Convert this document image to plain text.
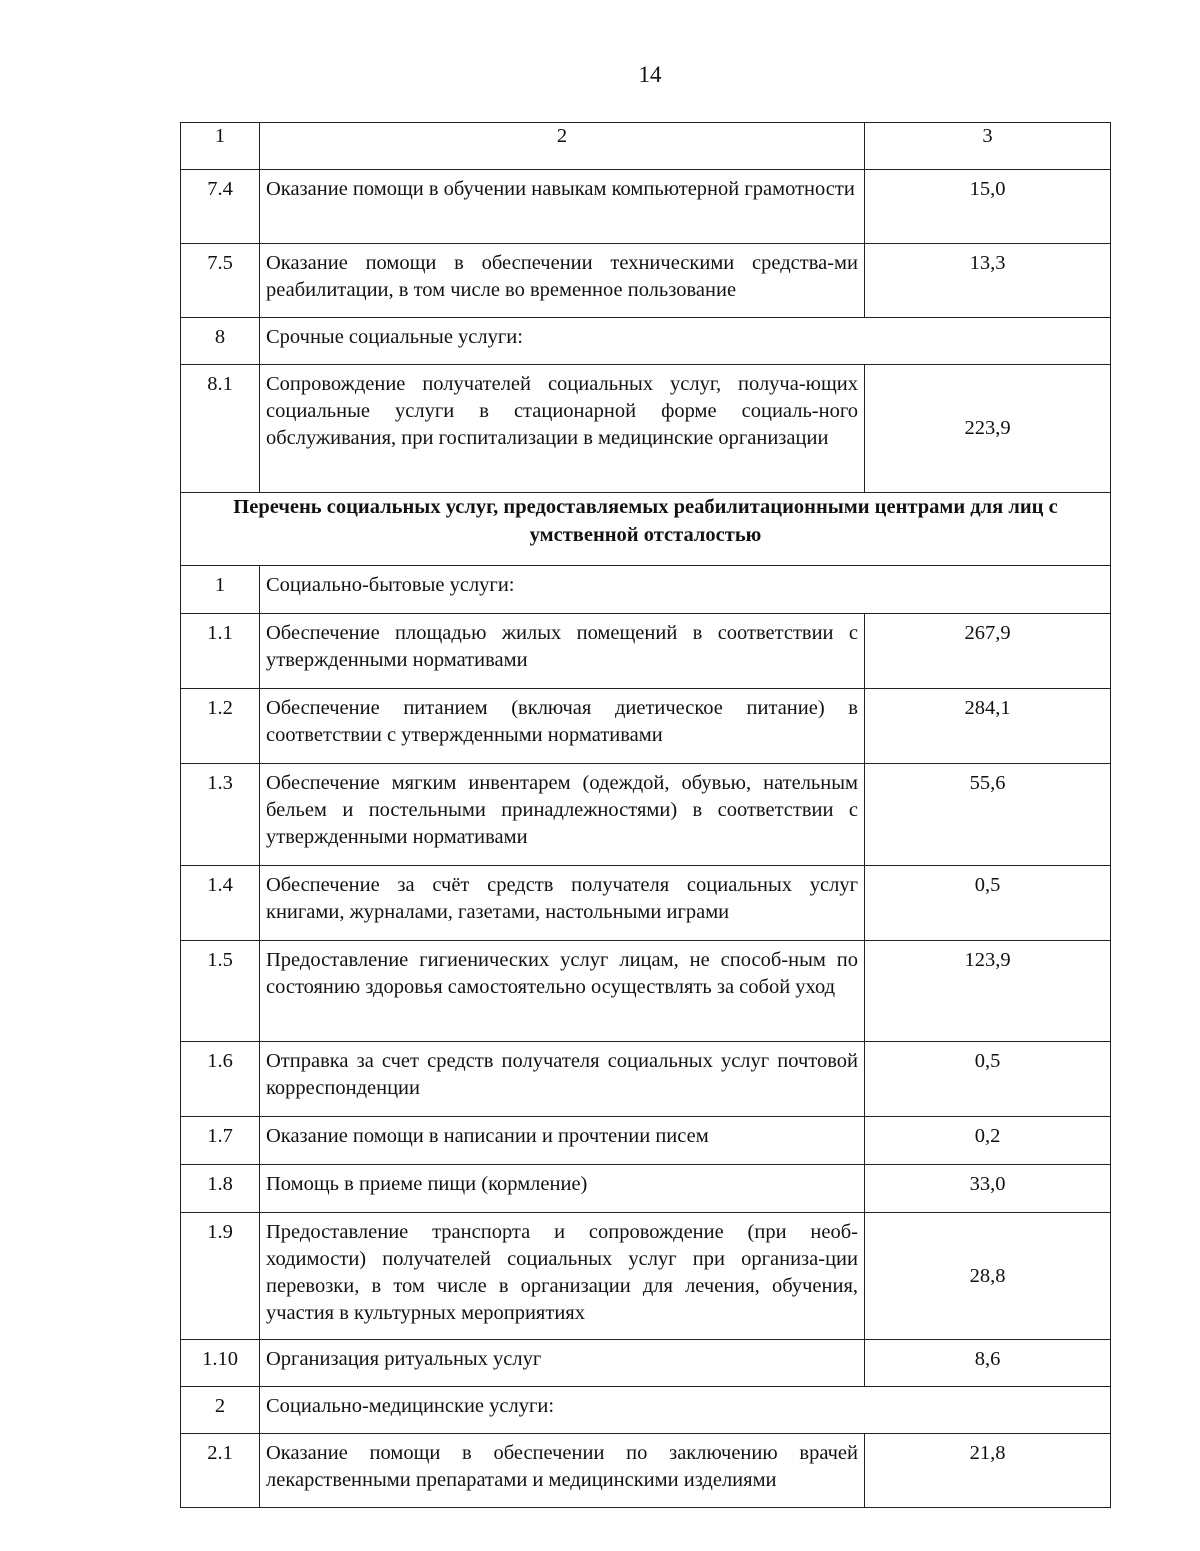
14
1	2	3
7.4	Оказание помощи в обучении навыкам компьютерной грамотности	15,0
7.5	Оказание помощи в обеспечении техническими средства-ми реабилитации, в том числе во временное пользование	13,3
8	Срочные социальные услуги:	
8.1	Сопровождение получателей социальных услуг, получа-ющих социальные услуги в стационарной форме социаль-ного обслуживания, при госпитализации в медицинские организации	223,9
Перечень социальных услуг, предоставляемых реабилитационными центрами для лиц с умственной отсталостью		
1	Социально-бытовые услуги:	
1.1	Обеспечение площадью жилых помещений в соответствии с утвержденными нормативами	267,9
1.2	Обеспечение питанием (включая диетическое питание) в соответствии с утвержденными нормативами	284,1
1.3	Обеспечение мягким инвентарем (одеждой, обувью, нательным бельем и постельными принадлежностями) в соответствии с утвержденными нормативами	55,6
1.4	Обеспечение за счёт средств получателя социальных услуг книгами, журналами, газетами, настольными играми	0,5
1.5	Предоставление гигиенических услуг лицам, не способ-ным по состоянию здоровья самостоятельно осуществлять за собой уход	123,9
1.6	Отправка за счет средств получателя социальных услуг почтовой корреспонденции	0,5
1.7	Оказание помощи в написании и прочтении писем	0,2
1.8	Помощь в приеме пищи (кормление)	33,0
1.9	Предоставление транспорта и сопровождение (при необ-ходимости) получателей социальных услуг при организа-ции перевозки, в том числе в организации для лечения, обучения, участия в культурных мероприятиях	28,8
1.10	Организация ритуальных услуг	8,6
2	Социально-медицинские услуги:	
2.1	Оказание помощи в обеспечении по заключению врачей лекарственными препаратами и медицинскими изделиями	21,8
